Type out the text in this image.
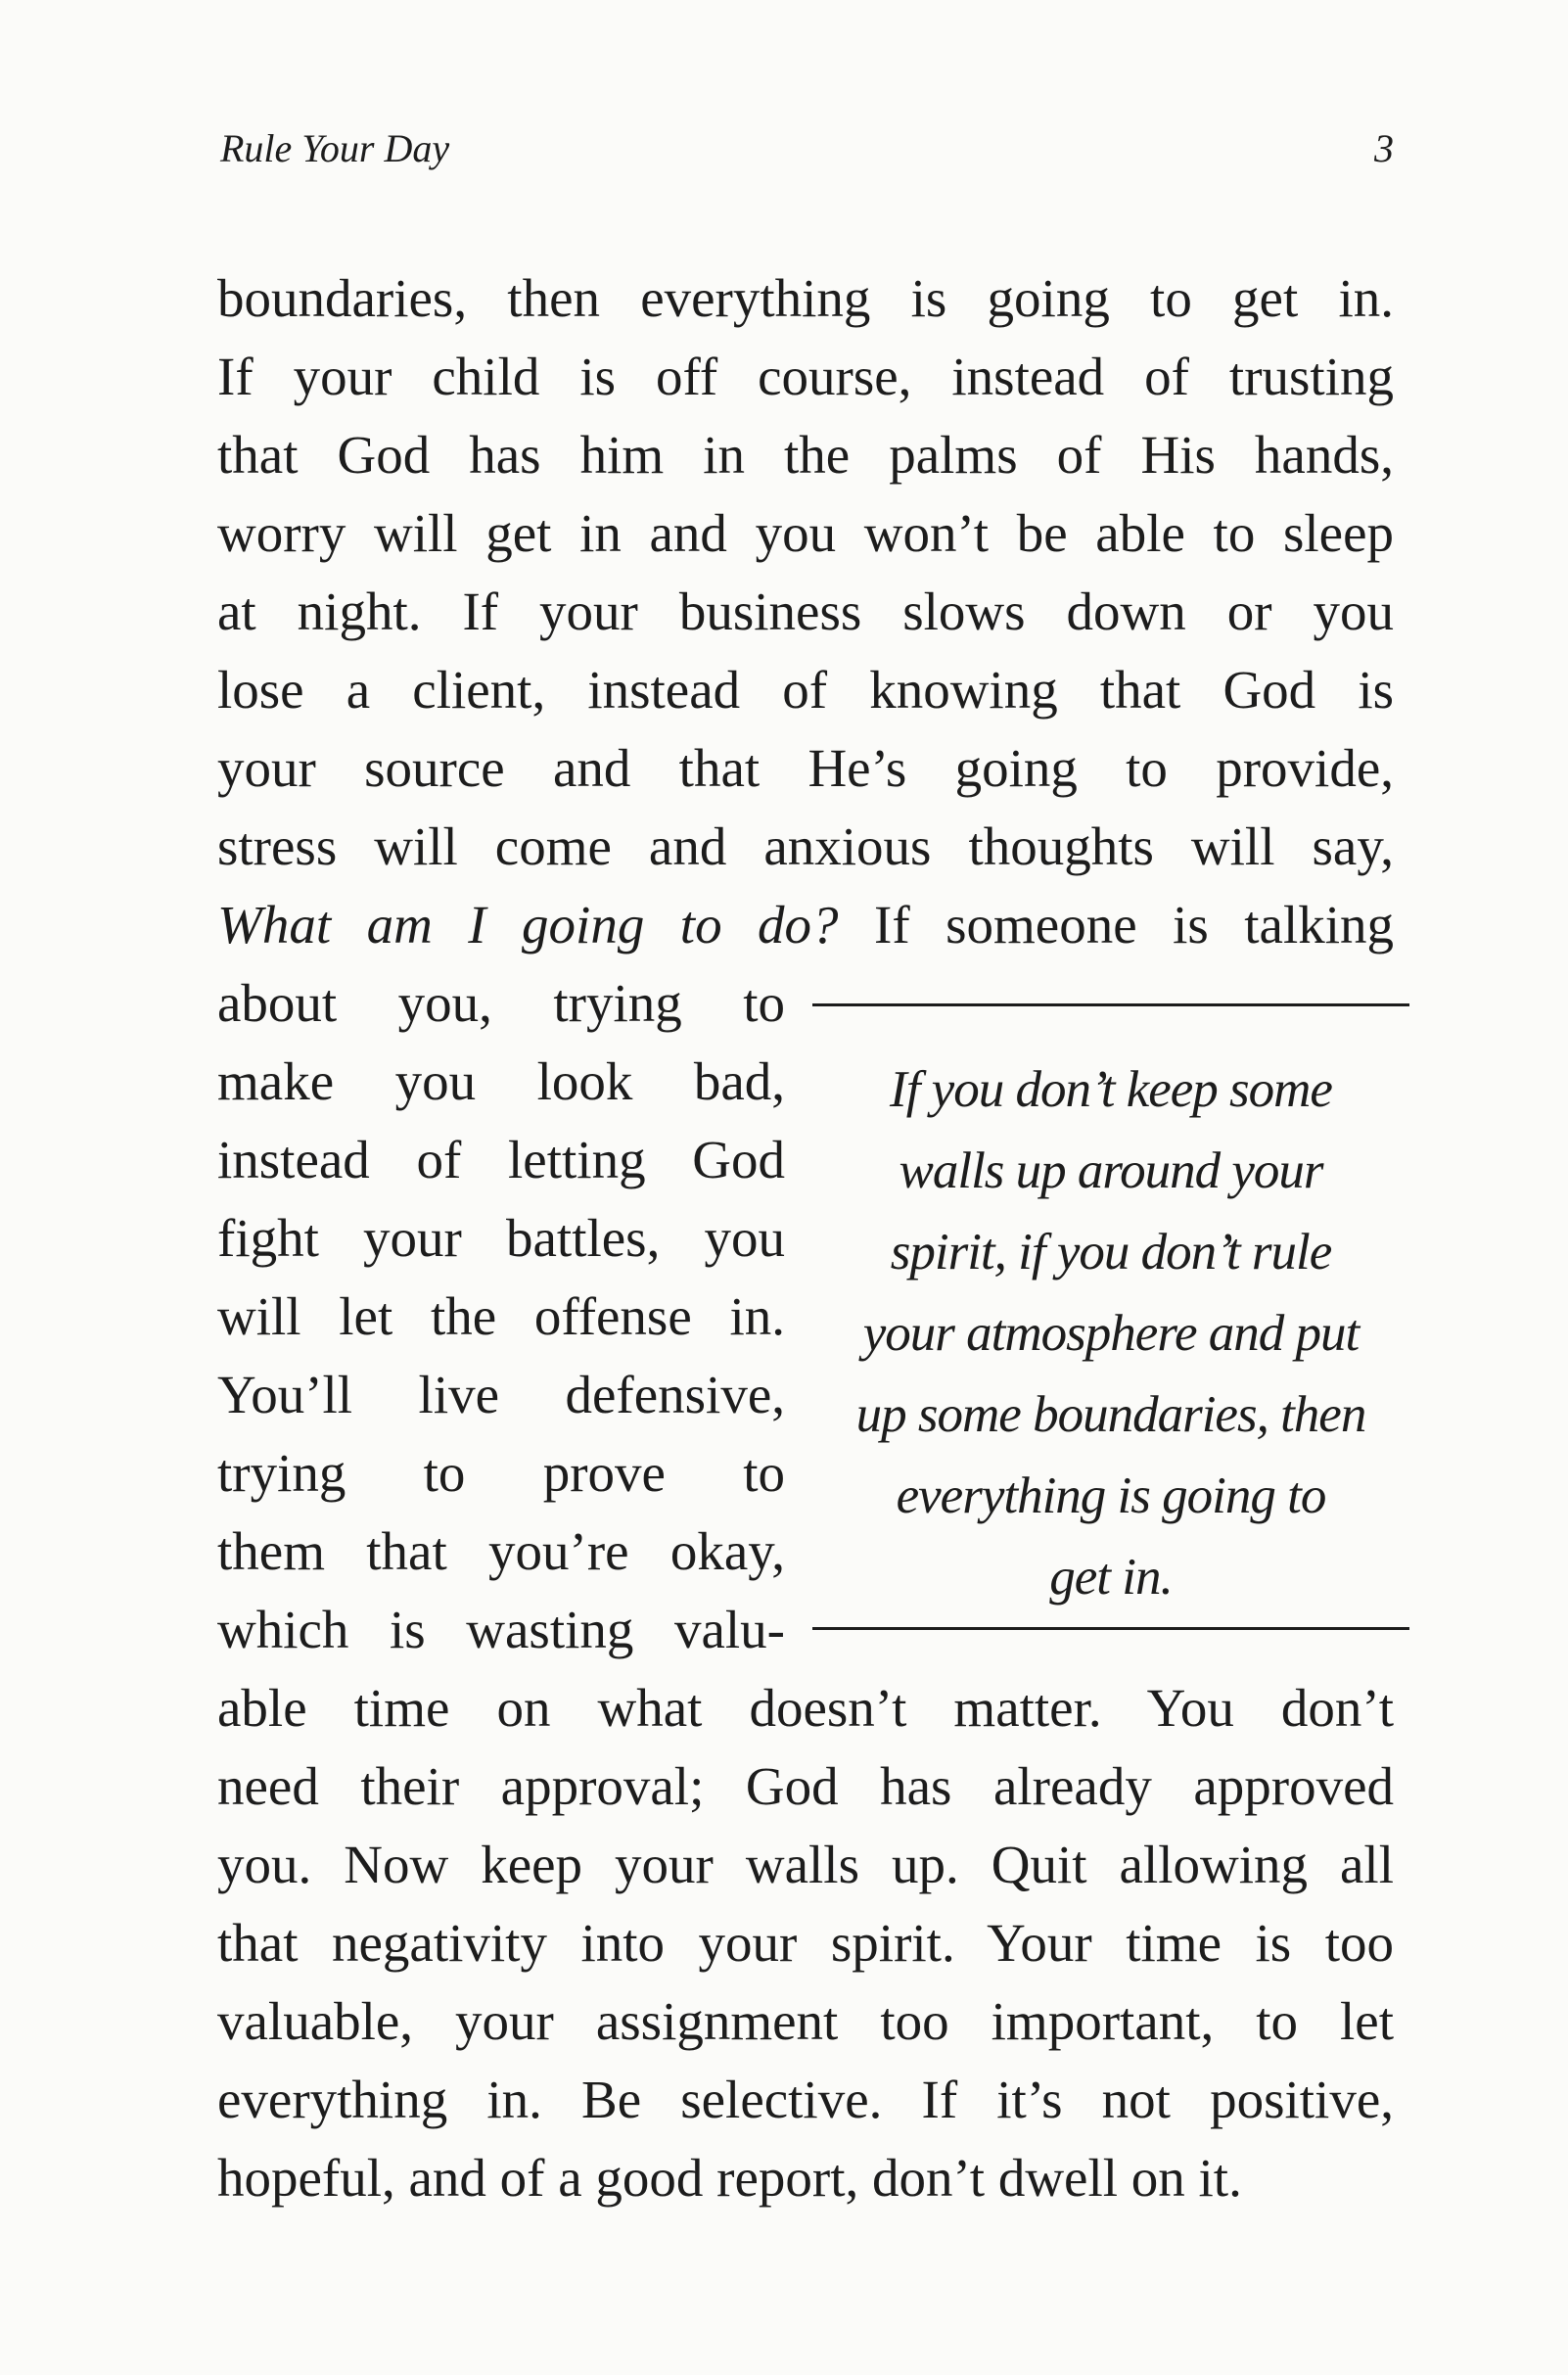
Rule Your Day	3
boundaries, then everything is going to get in.
If your child is off course, instead of trusting
that God has him in the palms of His hands,
worry will get in and you won’t be able to sleep
at night. If your business slows down or you
lose a client, instead of knowing that God is
your source and that He’s going to provide,
stress will come and anxious thoughts will say,
What am I going to do? If someone is talking
about you, trying to
make you look bad,
instead of letting God
fight your battles, you
will let the offense in.
You’ll live defensive,
trying to prove to
them that you’re okay,
which is wasting valu-
If you don’t keep some
walls up around your
spirit, if you don’t rule
your atmosphere and put
up some boundaries, then
everything is going to
get in.
able time on what doesn’t matter. You don’t
need their approval; God has already approved
you. Now keep your walls up. Quit allowing all
that negativity into your spirit. Your time is too
valuable, your assignment too important, to let
everything in. Be selective. If it’s not positive,
hopeful, and of a good report, don’t dwell on it.
